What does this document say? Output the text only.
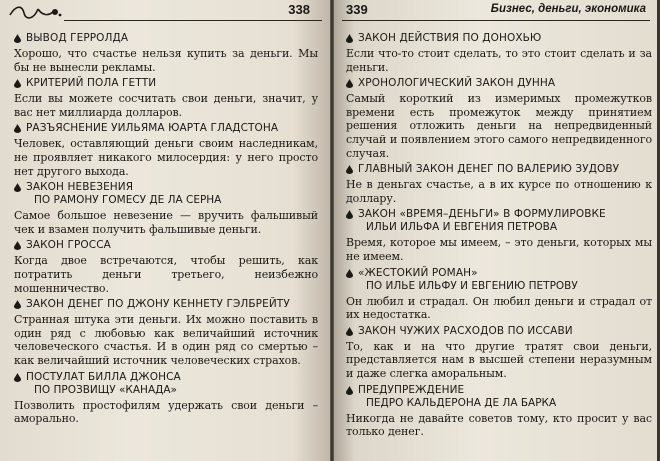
338

ВЫВОД ГЕРРОЛДА

Хорошо, что счастье нельзя купить за деньги. Мы бы не вынесли рекламы.

КРИТЕРИЙ ПОЛА ГЕТТИ

Если вы можете сосчитать свои деньги, значит, у вас нет миллиарда долларов.

РАЗЪЯСНЕНИЕ УИЛЬЯМА ЮАРТА ГЛАДСТОНА

Человек, оставляющий деньги своим наследникам, не проявляет никакого милосердия: у него просто нет другого выхода.

ЗАКОН НЕВЕЗЕНИЯ

ПО РАМОНУ ГОМЕСУ ДЕ ЛА СЕРНА

Самое большое невезение — вручить фальшивый чек и взамен получить фальшивые деньги.

ЗАКОН ГРОССА

Когда двое встречаются, чтобы решить, как потратить деньги третьего, неизбежно мошенничество.

ЗАКОН ДЕНЕГ ПО ДЖОНУ КЕННЕТУ ГЭЛБРЕЙТУ

Странная штука эти деньги. Их можно поставить в один ряд с любовью как величайший источник человеческого счастья. И в один ряд со смертью – как величайший источник человеческих страхов.

ПОСТУЛАТ БИЛЛА ДЖОНСА

ПО ПРОЗВИЩУ «КАНАДА»

Позволить простофилям удержать свои деньги – аморально.

339	Бизнес, деньги, экономика

ЗАКОН ДЕЙСТВИЯ ПО ДОНОХЬЮ

Если что-то стоит сделать, то это стоит сделать и за деньги.

ХРОНОЛОГИЧЕСКИЙ ЗАКОН ДУННА

Самый короткий из измеримых промежутков времени есть промежуток между принятием решения отложить деньги на непредвиденный случай и появлением этого самого непредвиденного случая.

ГЛАВНЫЙ ЗАКОН ДЕНЕГ ПО ВАЛЕРИЮ ЗУДОВУ

Не в деньгах счастье, а в их курсе по отношению к доллару.

ЗАКОН «ВРЕМЯ–ДЕНЬГИ» В ФОРМУЛИРОВКЕ

ИЛЬИ ИЛЬФА И ЕВГЕНИЯ ПЕТРОВА

Время, которое мы имеем, – это деньги, которых мы не имеем.

«ЖЕСТОКИЙ РОМАН»

ПО ИЛЬЕ ИЛЬФУ И ЕВГЕНИЮ ПЕТРОВУ

Он любил и страдал. Он любил деньги и страдал от их недостатка.

ЗАКОН ЧУЖИХ РАСХОДОВ ПО ИССАВИ

То, как и на что другие тратят свои деньги, представляется нам в высшей степени неразумным и даже слегка аморальным.

ПРЕДУПРЕЖДЕНИЕ

ПЕДРО КАЛЬДЕРОНА ДЕ ЛА БАРКА

Никогда не давайте советов тому, кто просит у вас только денег.
